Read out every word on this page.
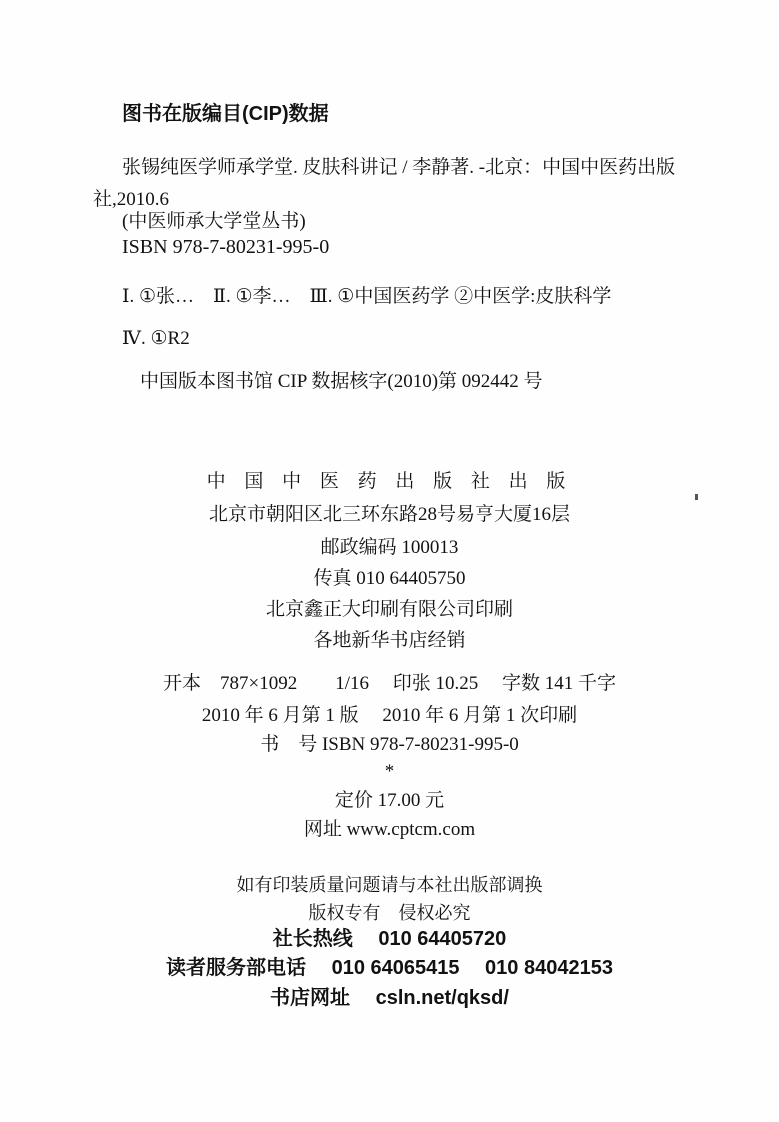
图书在版编目(CIP)数据
张锡纯医学师承学堂. 皮肤科讲记 / 李静著. -北京：中国中医药出版
社,2010.6
(中医师承大学堂丛书)
ISBN 978-7-80231-995-0
Ⅰ. ①张…　Ⅱ. ①李…　Ⅲ. ①中国医药学 ②中医学:皮肤科学
Ⅳ. ①R2
中国版本图书馆 CIP 数据核字(2010)第 092442 号
中 国 中 医 药 出 版 社 出 版
北京市朝阳区北三环东路28号易亨大厦16层
邮政编码 100013
传真 010 64405750
北京鑫正大印刷有限公司印刷
各地新华书店经销
开本　787×1092　　1/16　 印张 10.25　 字数 141 千字
2010 年 6 月第 1 版　 2010 年 6 月第 1 次印刷
书　号 ISBN 978-7-80231-995-0
*
定价 17.00 元
网址 www.cptcm.com
如有印装质量问题请与本社出版部调换
版权专有　侵权必究
社长热线　 010 64405720
读者服务部电话　 010 64065415　 010 84042153
书店网址　 csln.net/qksd/
